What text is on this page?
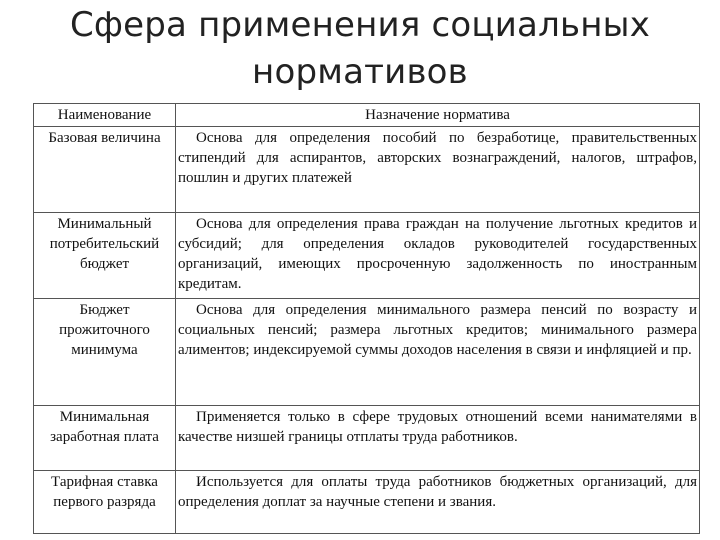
Сфера применения социальных нормативов
Наименование	Назначение норматива
Базовая величина	Основа для определения пособий по безработице, правительственных стипендий для аспирантов, авторских вознаграждений, налогов, штрафов, пошлин и других платежей
Минимальный потребительский бюджет	Основа для определения права граждан на получение льготных кредитов и субсидий; для определения окладов руководителей государственных организаций, имеющих просроченную задолженность по иностранным кредитам.
Бюджет прожиточного минимума	Основа для определения минимального размера пенсий по возрасту и социальных пенсий; размера льготных кредитов; минимального размера алиментов; индексируемой суммы доходов населения в связи и инфляцией и пр.
Минимальная заработная плата	Применяется только в сфере трудовых отношений всеми нанимателями в качестве низшей границы отплаты труда работников.
Тарифная ставка первого разряда	Используется для оплаты труда работников бюджетных организаций, для определения доплат за научные степени и звания.
